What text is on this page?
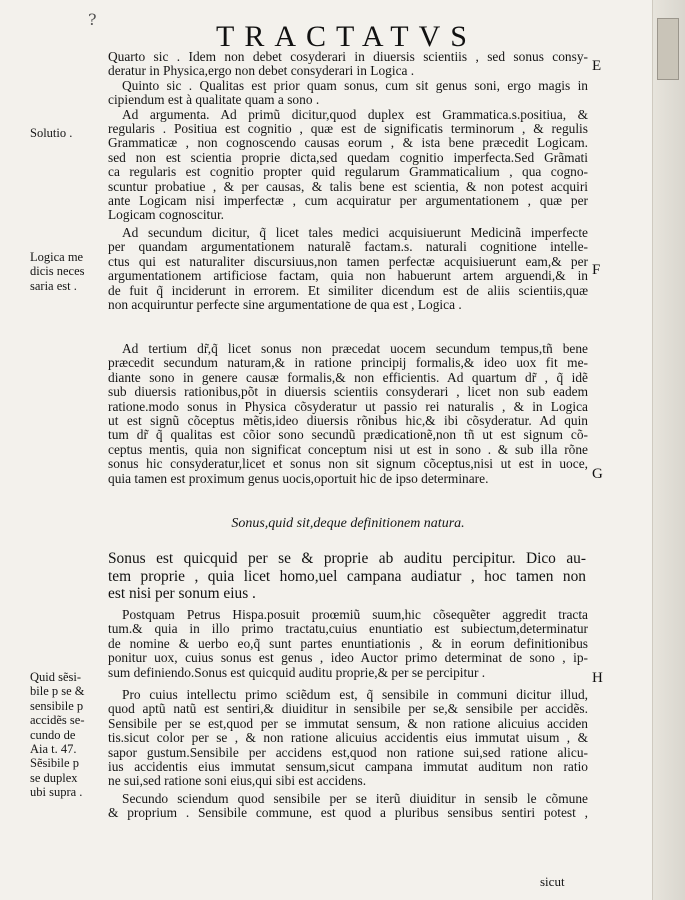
?
TRACTATVS
Quarto sic . Idem non debet cosyderari in diuersis scientiis , sed sonus consy-
deratur in Physica,ergo non debet consyderari in Logica .
Quinto sic . Qualitas est prior quam sonus, cum sit genus soni, ergo magis in
cipiendum est à qualitate quam a sono .
Ad argumenta. Ad primũ dicitur,quod duplex est Grammatica.s.positiua, &
regularis . Positiua est cognitio , quæ est de significatis terminorum , & regulis
Grammaticæ , non cognoscendo causas eorum , & ista bene præcedit Logicam.
sed non est scientia proprie dicta,sed quedam cognitio imperfecta.Sed Grãmati
ca regularis est cognitio propter quid regularum Grammaticalium , qua cogno-
scuntur probatiue , & per causas, & talis bene est scientia, & non potest acquiri
ante Logicam nisi imperfectæ , cum acquiratur per argumentationem , quæ per
Logicam cognoscitur.
Ad secundum dicitur, q̃ licet tales medici acquisiuerunt Medicinã imperfecte
per quandam argumentationem naturalẽ factam.s. naturali cognitione intelle-
ctus qui est naturaliter discursiuus,non tamen perfectæ acquisiuerunt eam,& per
argumentationem artificiose factam, quia non habuerunt artem arguendi,& in
de fuit q̃ inciderunt in errorem. Et similiter dicendum est de aliis scientiis,quæ
non acquiruntur perfecte sine argumentatione de qua est , Logica .
Ad tertium dr̃,q̃ licet sonus non præcedat uocem secundum tempus,tñ bene
præcedit secundum naturam,& in ratione principij formalis,& ideo uox fit me-
diante sono in genere causæ formalis,& non efficientis. Ad quartum dr̃ , q̃ idẽ
sub diuersis rationibus,põt in diuersis scientiis consyderari , licet non sub eadem
ratione.modo sonus in Physica cõsyderatur ut passio rei naturalis , & in Logica
ut est signũ cõceptus mẽtis,ideo diuersis rõnibus hic,& ibi cõsyderatur. Ad quin
tum dr̃ q̃ qualitas est cõior sono secundũ prædicationẽ,non tñ ut est signum cõ-
ceptus mentis, quia non significat conceptum nisi ut est in sono . & sub illa rõne
sonus hic consyderatur,licet et sonus non sit signum cõceptus,nisi ut est in uoce,
quia tamen est proximum genus uocis,oportuit hic de ipso determinare.
Sonus,quid sit,deque definitionem natura.
Sonus est quicquid per se & proprie ab auditu percipitur. Dico au-
tem proprie , quia licet homo,uel campana audiatur , hoc tamen non
est nisi per sonum eius .
Postquam Petrus Hispa.posuit proœmiũ suum,hic cõsequẽter aggredit tracta
tum.& quia in illo primo tractatu,cuius enuntiatio est subiectum,determinatur
de nomine & uerbo eo,q̃ sunt partes enuntiationis , & in eorum definitionibus
ponitur uox, cuius sonus est genus , ideo Auctor primo determinat de sono , ip-
sum definiendo.Sonus est quicquid auditu proprie,& per se percipitur .
Pro cuius intellectu primo sciẽdum est, q̃ sensibile in communi dicitur illud,
quod aptũ natũ est sentiri,& diuiditur in sensibile per se,& sensibile per accidẽs.
Sensibile per se est,quod per se immutat sensum, & non ratione alicuius acciden
tis.sicut color per se , & non ratione alicuius accidentis eius immutat uisum , &
sapor gustum.Sensibile per accidens est,quod non ratione sui,sed ratione alicu-
ius accidentis eius immutat sensum,sicut campana immutat auditum non ratio
ne sui,sed ratione soni eius,qui sibi est accidens.
Secundo sciendum quod sensibile per se iterũ diuiditur in sensib le cõmune
& proprium . Sensibile commune, est quod a pluribus sensibus sentiri potest ,
sicut
Solutio .
Logica me
dicis neces
saria est .
Quid sẽsi-
bile p se &
sensibile p
accidẽs se-
cundo de
Aia t. 47.
Sẽsibile p
se duplex
ubi supra .
E
F
G
H
